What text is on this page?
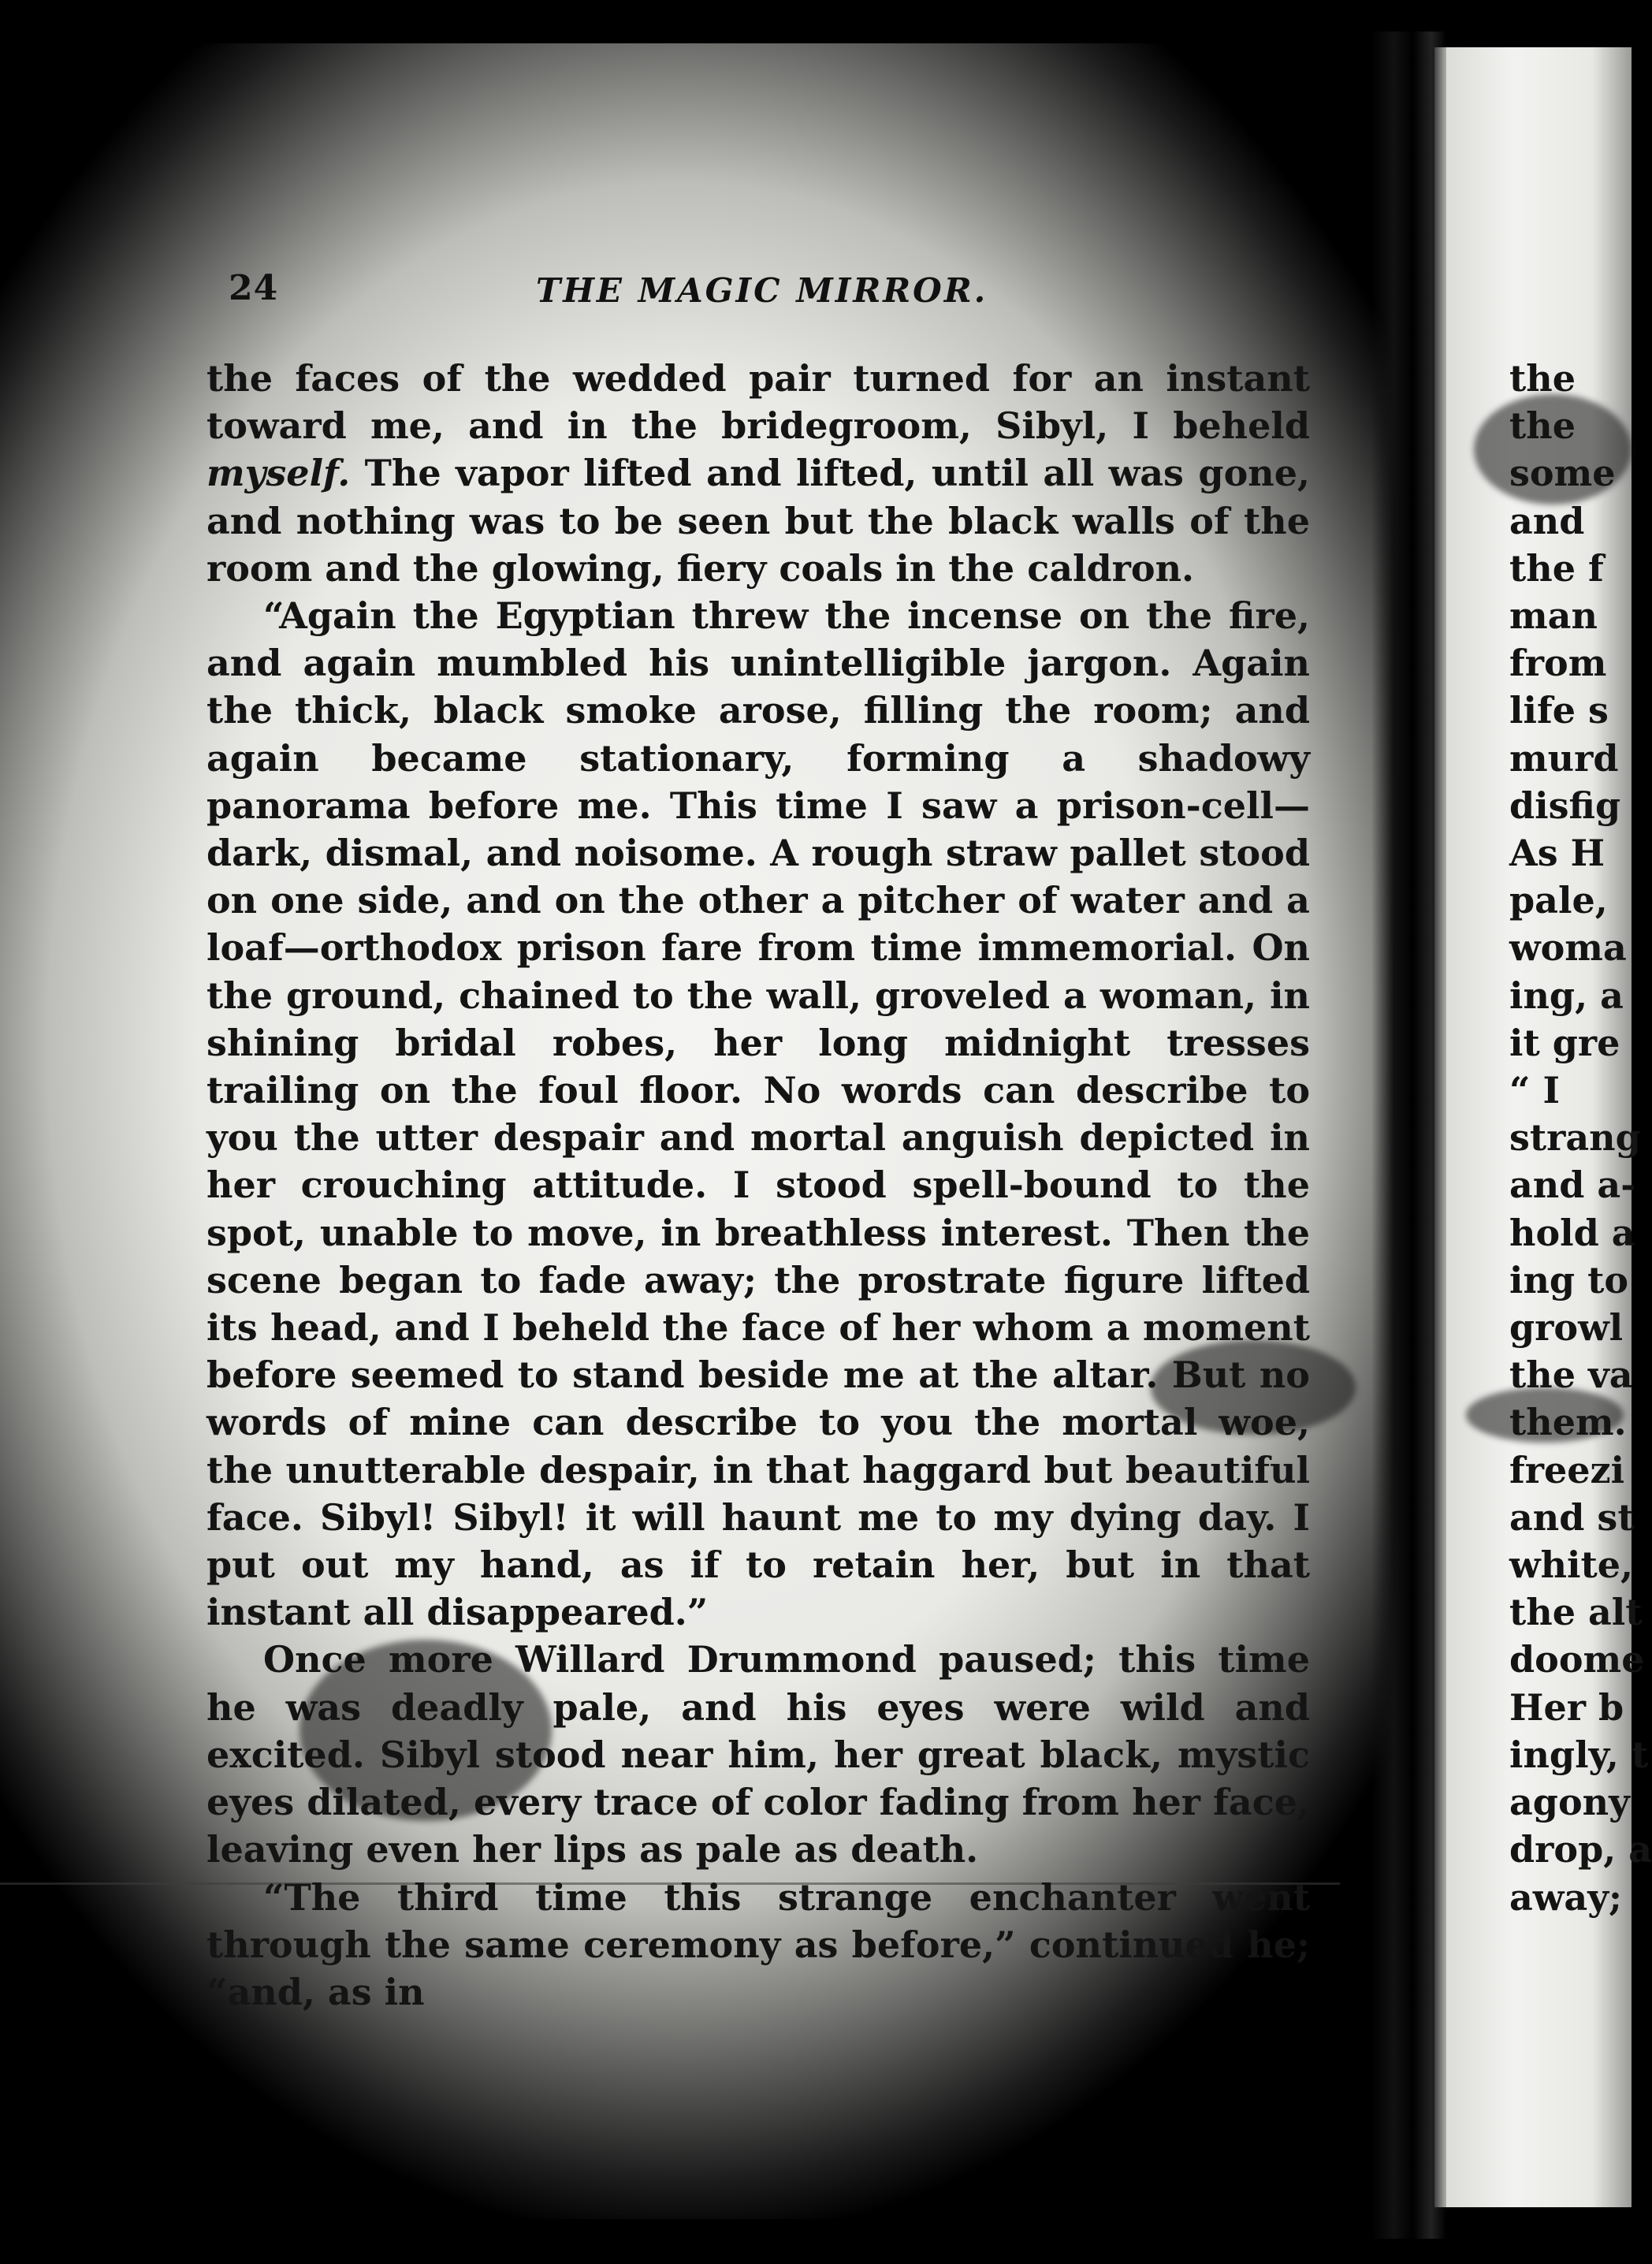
24	THE MAGIC MIRROR.

the faces of the wedded pair turned for an instant toward me, and in the bridegroom, Sibyl, I beheld myself. The vapor lifted and lifted, until all was gone, and nothing was to be seen but the black walls of the room and the glowing, fiery coals in the caldron.

“Again the Egyptian threw the incense on the fire, and again mumbled his unintelligible jargon. Again the thick, black smoke arose, filling the room; and again became stationary, forming a shadowy panorama before me. This time I saw a prison-cell—dark, dismal, and noisome. A rough straw pallet stood on one side, and on the other a pitcher of water and a loaf—orthodox prison fare from time immemorial. On the ground, chained to the wall, groveled a woman, in shining bridal robes, her long midnight tresses trailing on the foul floor. No words can describe to you the utter despair and mortal anguish depicted in her crouching attitude. I stood spell-bound to the spot, unable to move, in breathless interest. Then the scene began to fade away; the prostrate figure lifted its head, and I beheld the face of her whom a moment before seemed to stand beside me at the altar. But no words of mine can describe to you the mortal woe, the unutterable despair, in that haggard but beautiful face. Sibyl! Sibyl! it will haunt me to my dying day. I put out my hand, as if to retain her, but in that instant all disappeared.”

Once more Willard Drummond paused; this time he was deadly pale, and his eyes were wild and excited. Sibyl stood near him, her great black, mystic eyes dilated, every trace of color fading from her face, leaving even her lips as pale as death.

“The third time this strange enchanter went through the same ceremony as before,” continued he; “and, as in

the
the
some
and
the f
man
from
life s
murd
disfig
As H
pale,
woma
ing, a
it gre
“ I
strang
and a-
hold a
ing to
growl
the va
them.
freezi
and st
white,
the alt
doome
Her b
ingly, t
agony
drop, a
away;
